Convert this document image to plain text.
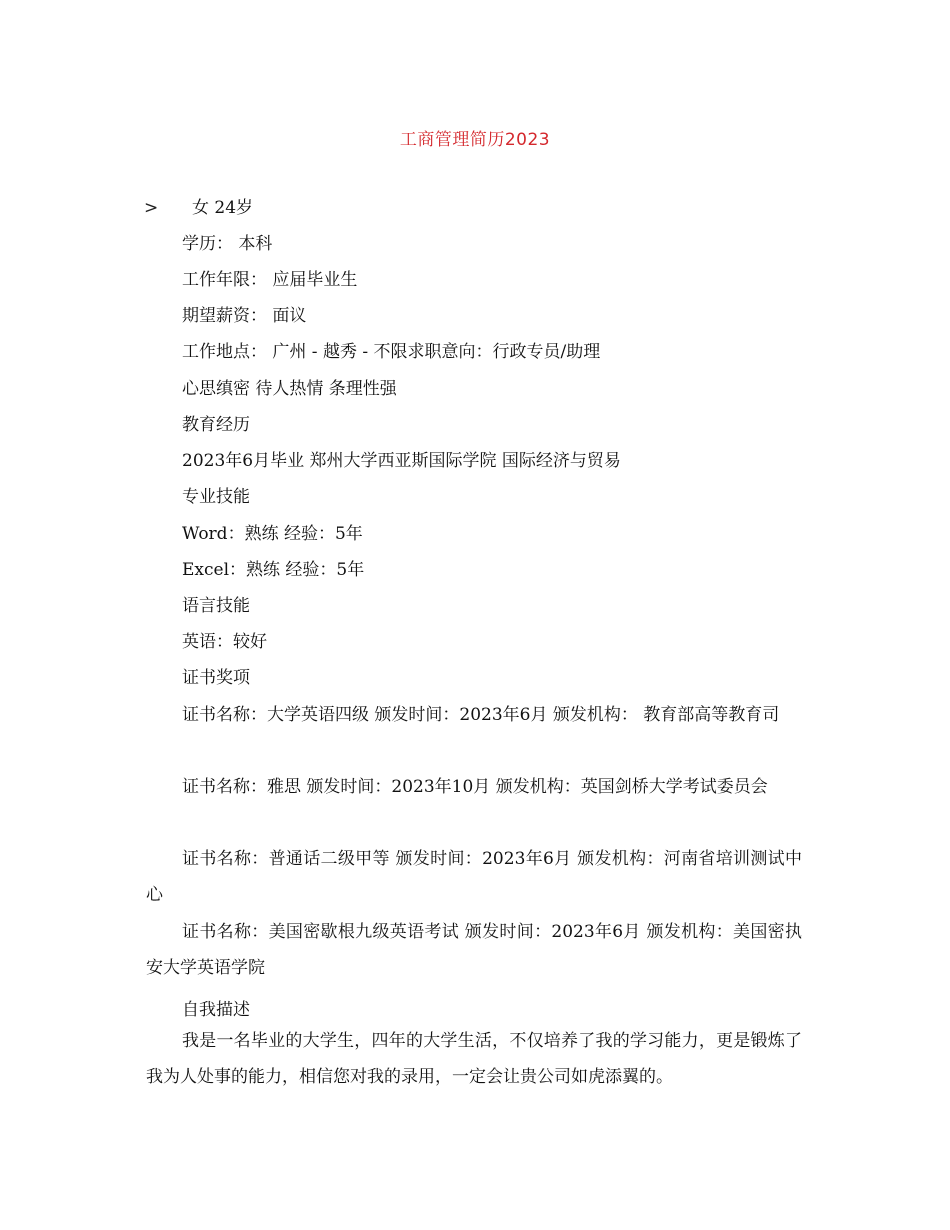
工商管理简历2023
> 女 24岁
学历： 本科
工作年限： 应届毕业生
期望薪资： 面议
工作地点： 广州 - 越秀 - 不限求职意向：行政专员/助理
心思缜密 待人热情 条理性强
教育经历
2023年6月毕业 郑州大学西亚斯国际学院 国际经济与贸易
专业技能
Word：熟练 经验：5年
Excel：熟练 经验：5年
语言技能
英语：较好
证书奖项
证书名称：大学英语四级 颁发时间：2023年6月 颁发机构： 教育部高等教育司
证书名称：雅思 颁发时间：2023年10月 颁发机构：英国剑桥大学考试委员会
证书名称：普通话二级甲等 颁发时间：2023年6月 颁发机构：河南省培训测试中心
证书名称：美国密歇根九级英语考试 颁发时间：2023年6月 颁发机构：美国密执安大学英语学院
自我描述
我是一名毕业的大学生，四年的大学生活，不仅培养了我的学习能力，更是锻炼了我为人处事的能力，相信您对我的录用，一定会让贵公司如虎添翼的。
